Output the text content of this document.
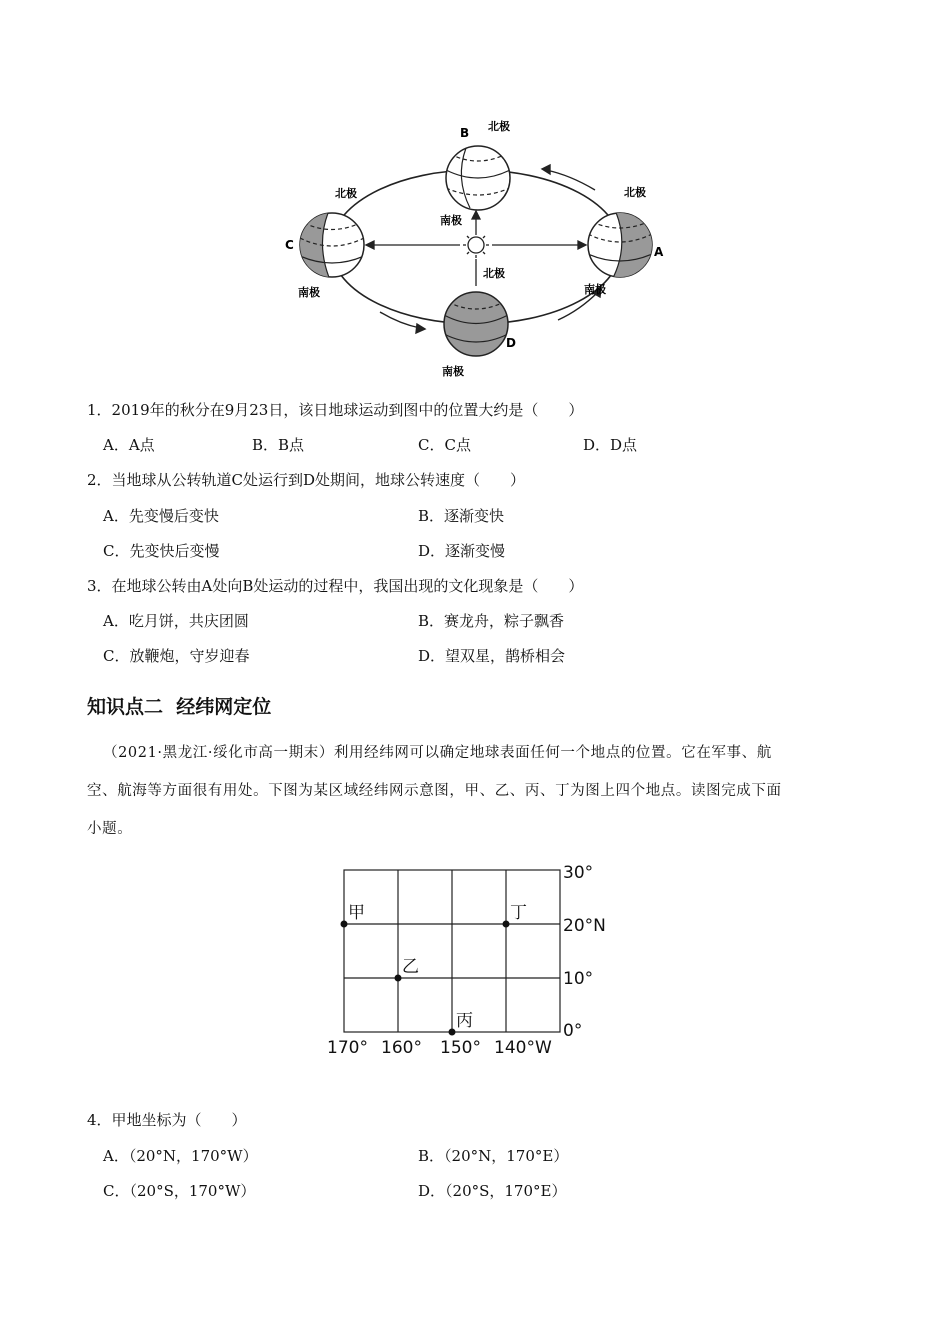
B 北极
南极
C
北极
南极
A
北极
南极
D
北极
南极
1．2019年的秋分在9月23日，该日地球运动到图中的位置大约是（　　）
A．A点	B．B点	C．C点	D．D点
2．当地球从公转轨道C处运行到D处期间，地球公转速度（　　）
A．先变慢后变快	B．逐渐变快
C．先变快后变慢	D．逐渐变慢
3．在地球公转由A处向B处运动的过程中，我国出现的文化现象是（　　）
A．吃月饼，共庆团圆	B．赛龙舟，粽子飘香
C．放鞭炮，守岁迎春	D．望双星，鹊桥相会
知识点二  经纬网定位
（2021·黑龙江·绥化市高一期末）利用经纬网可以确定地球表面任何一个地点的位置。它在军事、航
空、航海等方面很有用处。下图为某区域经纬网示意图，甲、乙、丙、丁为图上四个地点。读图完成下面
小题。
甲
乙
丙
丁
30°
20°N
10°
0°
170° 160° 150° 140°W
4．甲地坐标为（　　）
A．（20°N，170°W）	B．（20°N，170°E）
C．（20°S，170°W）	D．（20°S，170°E）
